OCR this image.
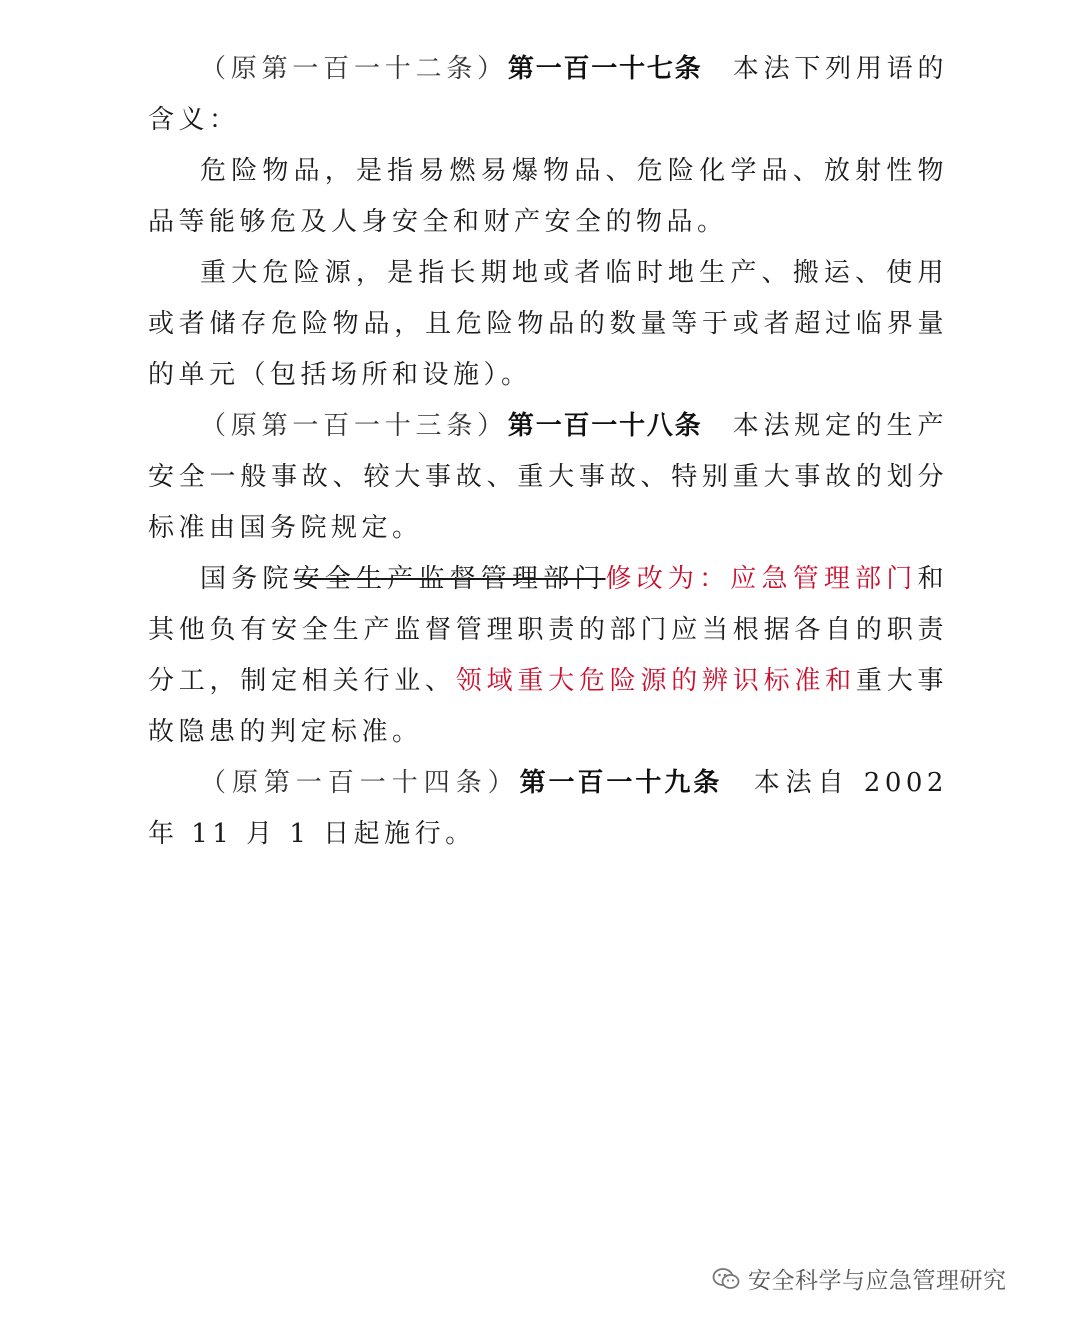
（原第一百一十二条）第一百一十七条 本法下列用语的含义：

危险物品，是指易燃易爆物品、危险化学品、放射性物品等能够危及人身安全和财产安全的物品。

重大危险源，是指长期地或者临时地生产、搬运、使用或者储存危险物品，且危险物品的数量等于或者超过临界量的单元（包括场所和设施）。

（原第一百一十三条）第一百一十八条 本法规定的生产安全一般事故、较大事故、重大事故、特别重大事故的划分标准由国务院规定。

国务院安全生产监督管理部门修改为：应急管理部门和其他负有安全生产监督管理职责的部门应当根据各自的职责分工，制定相关行业、领域重大危险源的辨识标准和重大事故隐患的判定标准。

（原第一百一十四条）第一百一十九条 本法自 2002 年 11 月 1 日起施行。

安全科学与应急管理研究
